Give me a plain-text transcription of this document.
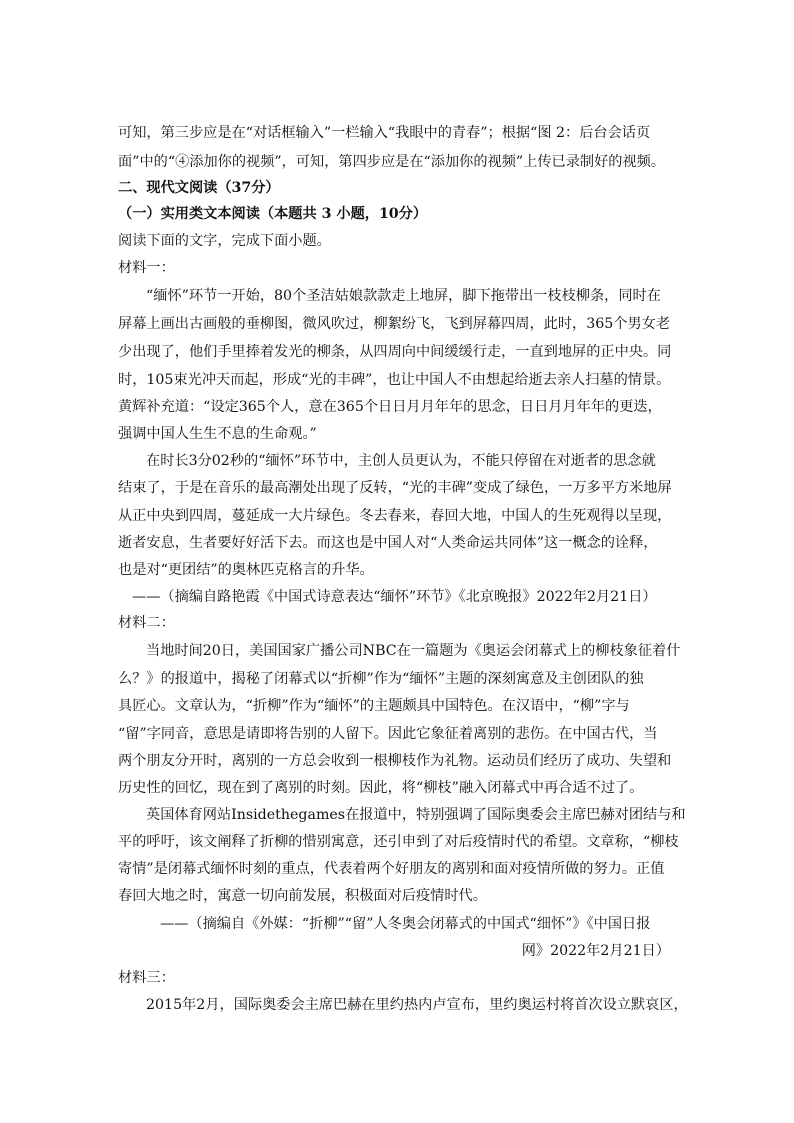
可知，第三步应是在“对话框输入”一栏输入“我眼中的青春”；根据“图 2：后台会话页
面”中的“④添加你的视频”，可知，第四步应是在“添加你的视频”上传已录制好的视频。
二、现代文阅读（37分）
（一）实用类文本阅读（本题共 3 小题，10分）
阅读下面的文字，完成下面小题。
材料一：
“缅怀”环节一开始，80个圣洁姑娘款款走上地屏，脚下拖带出一枝枝柳条，同时在
屏幕上画出古画般的垂柳图，微风吹过，柳絮纷飞，飞到屏幕四周，此时，365个男女老
少出现了，他们手里捧着发光的柳条，从四周向中间缓缓行走，一直到地屏的正中央。同
时，105束光冲天而起，形成“光的丰碑”，也让中国人不由想起给逝去亲人扫墓的情景。
黄辉补充道：“设定365个人，意在365个日日月月年年的思念，日日月月年年的更迭，
强调中国人生生不息的生命观。”
在时长3分02秒的“缅怀”环节中，主创人员更认为，不能只停留在对逝者的思念就
结束了，于是在音乐的最高潮处出现了反转，“光的丰碑”变成了绿色，一万多平方米地屏
从正中央到四周，蔓延成一大片绿色。冬去春来，春回大地，中国人的生死观得以呈现，
逝者安息，生者要好好活下去。而这也是中国人对“人类命运共同体”这一概念的诠释，
也是对“更团结”的奥林匹克格言的升华。
——（摘编自路艳霞《中国式诗意表达“缅怀”环节》《北京晚报》2022年2月21日）
材料二：
当地时间20日，美国国家广播公司NBC在一篇题为《奥运会闭幕式上的柳枝象征着什
么？》的报道中，揭秘了闭幕式以“折柳”作为“缅怀”主题的深刻寓意及主创团队的独
具匠心。文章认为，“折柳”作为“缅怀”的主题颇具中国特色。在汉语中，“柳”字与
“留”字同音，意思是请即将告别的人留下。因此它象征着离别的悲伤。在中国古代，当
两个朋友分开时，离别的一方总会收到一根柳枝作为礼物。运动员们经历了成功、失望和
历史性的回忆，现在到了离别的时刻。因此，将“柳枝”融入闭幕式中再合适不过了。
英国体育网站Insidethegames在报道中，特别强调了国际奥委会主席巴赫对团结与和
平的呼吁，该文阐释了折柳的惜别寓意，还引申到了对后疫情时代的希望。文章称，“柳枝
寄情”是闭幕式缅怀时刻的重点，代表着两个好朋友的离别和面对疫情所做的努力。正值
春回大地之时，寓意一切向前发展，积极面对后疫情时代。
——（摘编自《外媒：“折柳”“留”人冬奥会闭幕式的中国式“细怀”》《中国日报
网》2022年2月21日）
材料三：
2015年2月，国际奥委会主席巴赫在里约热内卢宣布，里约奥运村将首次设立默哀区，
